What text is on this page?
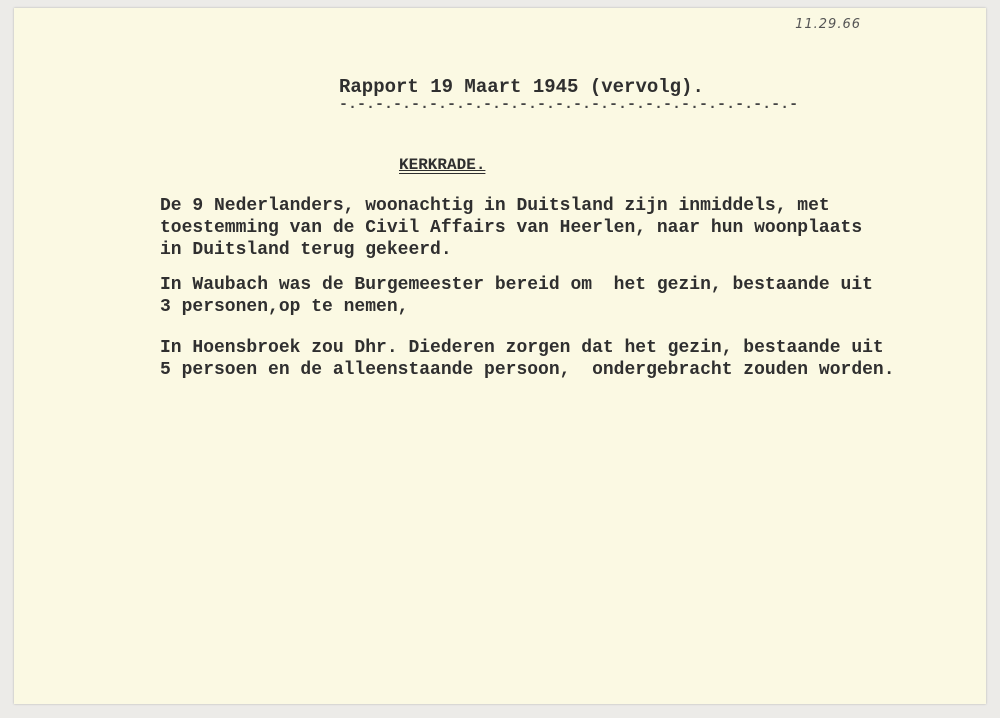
11.29.66
Rapport 19 Maart 1945 (vervolg).
-.-.-.-.-.-.-.-.-.-.-.-.-.-.-.-.-.-.-.-.-.-.-.-.-.-
KERKRADE.
De 9 Nederlanders, woonachtig in Duitsland zijn inmiddels, met
toestemming van de Civil Affairs van Heerlen, naar hun woonplaats
in Duitsland terug gekeerd.
In Waubach was de Burgemeester bereid om  het gezin, bestaande uit
3 personen,op te nemen,
In Hoensbroek zou Dhr. Diederen zorgen dat het gezin, bestaande uit
5 persoen en de alleenstaande persoon,  ondergebracht zouden worden.
